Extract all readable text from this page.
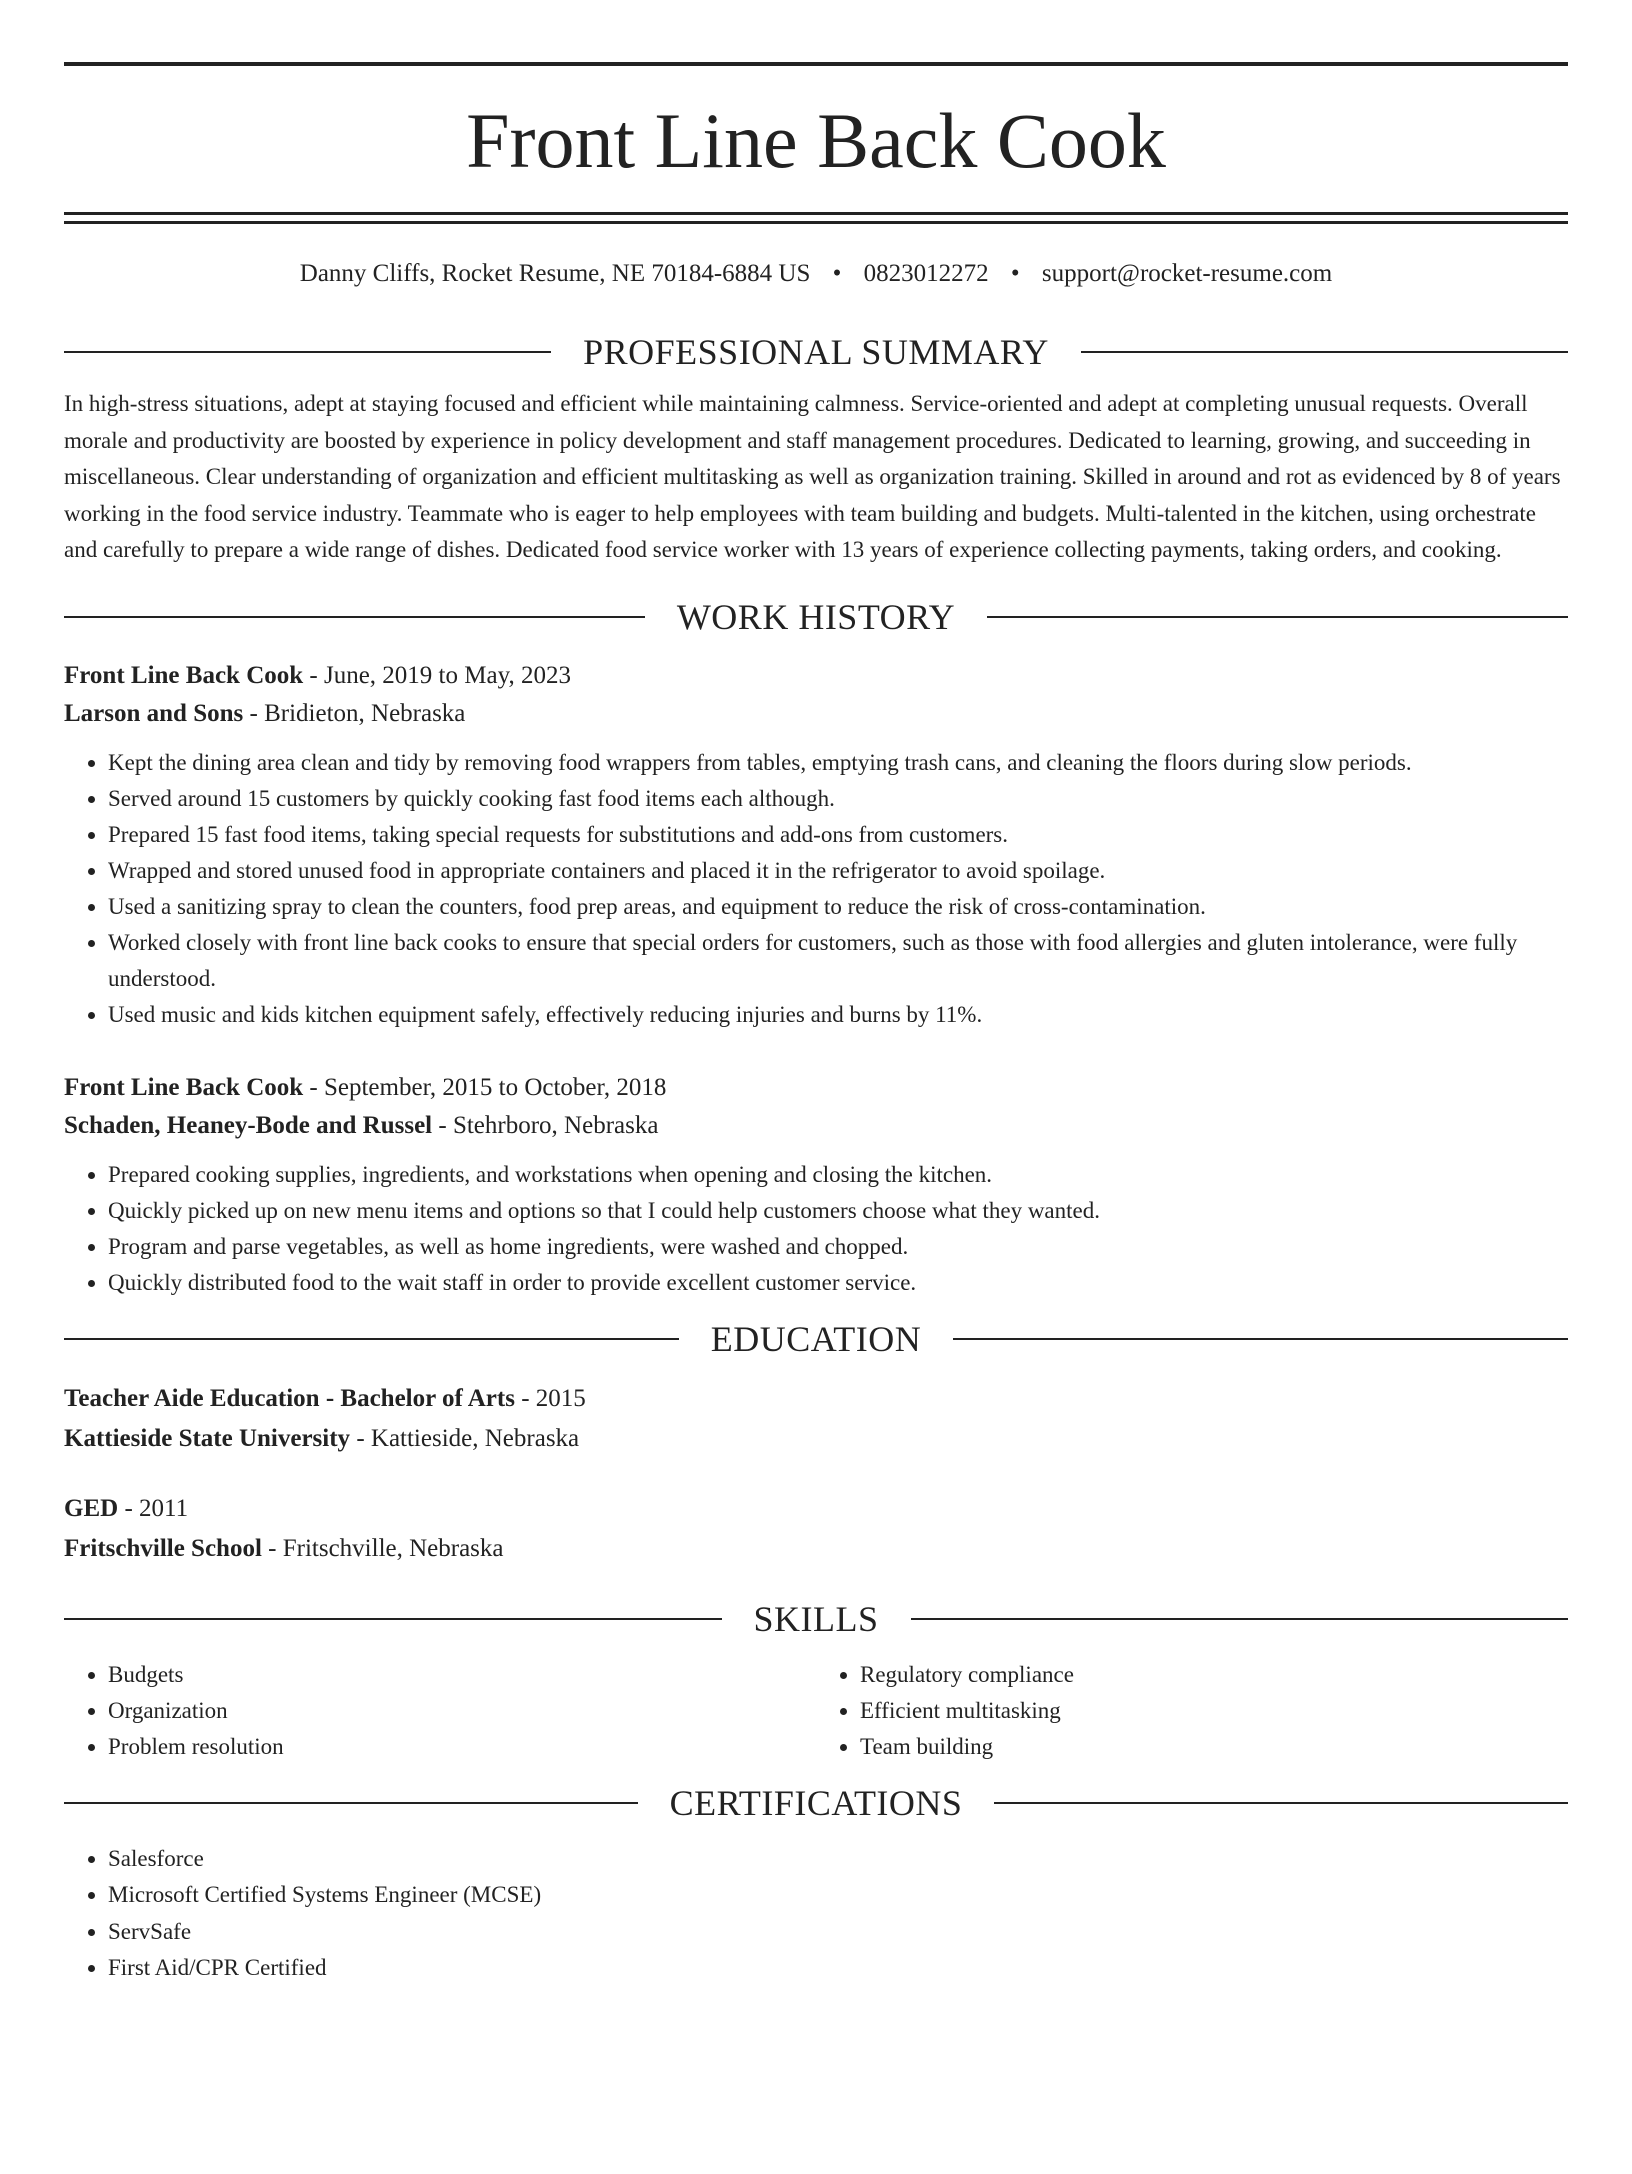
Front Line Back Cook
Danny Cliffs, Rocket Resume, NE 70184-6884 US • 0823012272 • support@rocket-resume.com
PROFESSIONAL SUMMARY
In high-stress situations, adept at staying focused and efficient while maintaining calmness. Service-oriented and adept at completing unusual requests. Overall morale and productivity are boosted by experience in policy development and staff management procedures. Dedicated to learning, growing, and succeeding in miscellaneous. Clear understanding of organization and efficient multitasking as well as organization training. Skilled in around and rot as evidenced by 8 of years working in the food service industry. Teammate who is eager to help employees with team building and budgets. Multi-talented in the kitchen, using orchestrate and carefully to prepare a wide range of dishes. Dedicated food service worker with 13 years of experience collecting payments, taking orders, and cooking.
WORK HISTORY
Front Line Back Cook - June, 2019 to May, 2023
Larson and Sons - Bridieton, Nebraska
• Kept the dining area clean and tidy by removing food wrappers from tables, emptying trash cans, and cleaning the floors during slow periods.
• Served around 15 customers by quickly cooking fast food items each although.
• Prepared 15 fast food items, taking special requests for substitutions and add-ons from customers.
• Wrapped and stored unused food in appropriate containers and placed it in the refrigerator to avoid spoilage.
• Used a sanitizing spray to clean the counters, food prep areas, and equipment to reduce the risk of cross-contamination.
• Worked closely with front line back cooks to ensure that special orders for customers, such as those with food allergies and gluten intolerance, were fully understood.
• Used music and kids kitchen equipment safely, effectively reducing injuries and burns by 11%.
Front Line Back Cook - September, 2015 to October, 2018
Schaden, Heaney-Bode and Russel - Stehrboro, Nebraska
• Prepared cooking supplies, ingredients, and workstations when opening and closing the kitchen.
• Quickly picked up on new menu items and options so that I could help customers choose what they wanted.
• Program and parse vegetables, as well as home ingredients, were washed and chopped.
• Quickly distributed food to the wait staff in order to provide excellent customer service.
EDUCATION
Teacher Aide Education - Bachelor of Arts - 2015
Kattieside State University - Kattieside, Nebraska
GED - 2011
Fritschville School - Fritschville, Nebraska
SKILLS
• Budgets
• Organization
• Problem resolution
• Regulatory compliance
• Efficient multitasking
• Team building
CERTIFICATIONS
• Salesforce
• Microsoft Certified Systems Engineer (MCSE)
• ServSafe
• First Aid/CPR Certified
